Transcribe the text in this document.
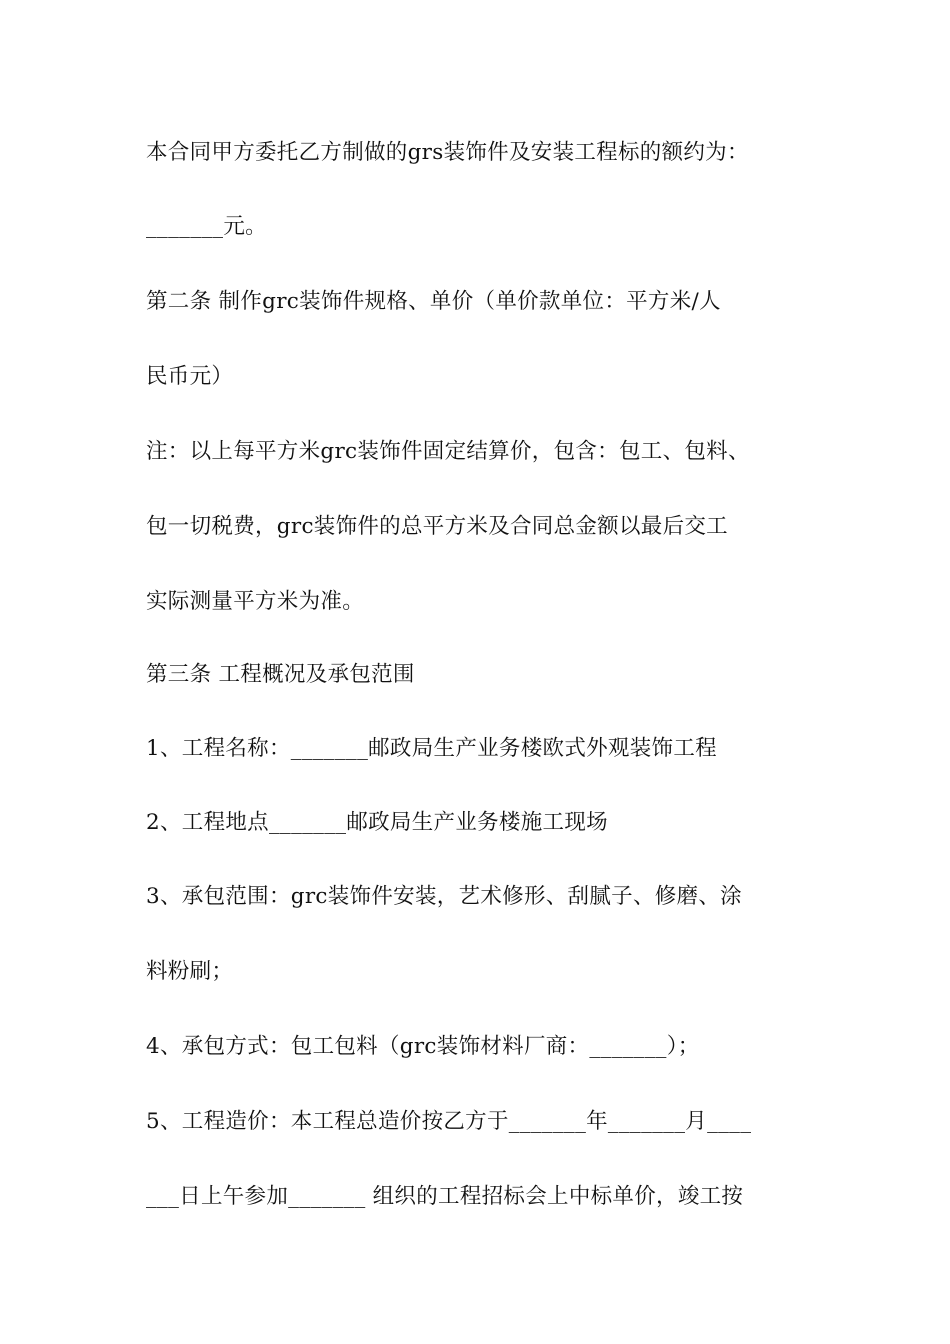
本合同甲方委托乙方制做的grs装饰件及安装工程标的额约为：
_______元。
第二条 制作grc装饰件规格、单价（单价款单位：平方米/人
民币元）
注：以上每平方米grc装饰件固定结算价，包含：包工、包料、
包一切税费，grc装饰件的总平方米及合同总金额以最后交工
实际测量平方米为准。
第三条 工程概况及承包范围
1、工程名称：_______邮政局生产业务楼欧式外观装饰工程
2、工程地点_______邮政局生产业务楼施工现场
3、承包范围：grc装饰件安装，艺术修形、刮腻子、修磨、涂
料粉刷；
4、承包方式：包工包料（grc装饰材料厂商：_______）；
5、工程造价：本工程总造价按乙方于_______年_______月____
___日上午参加_______ 组织的工程招标会上中标单价，竣工按
